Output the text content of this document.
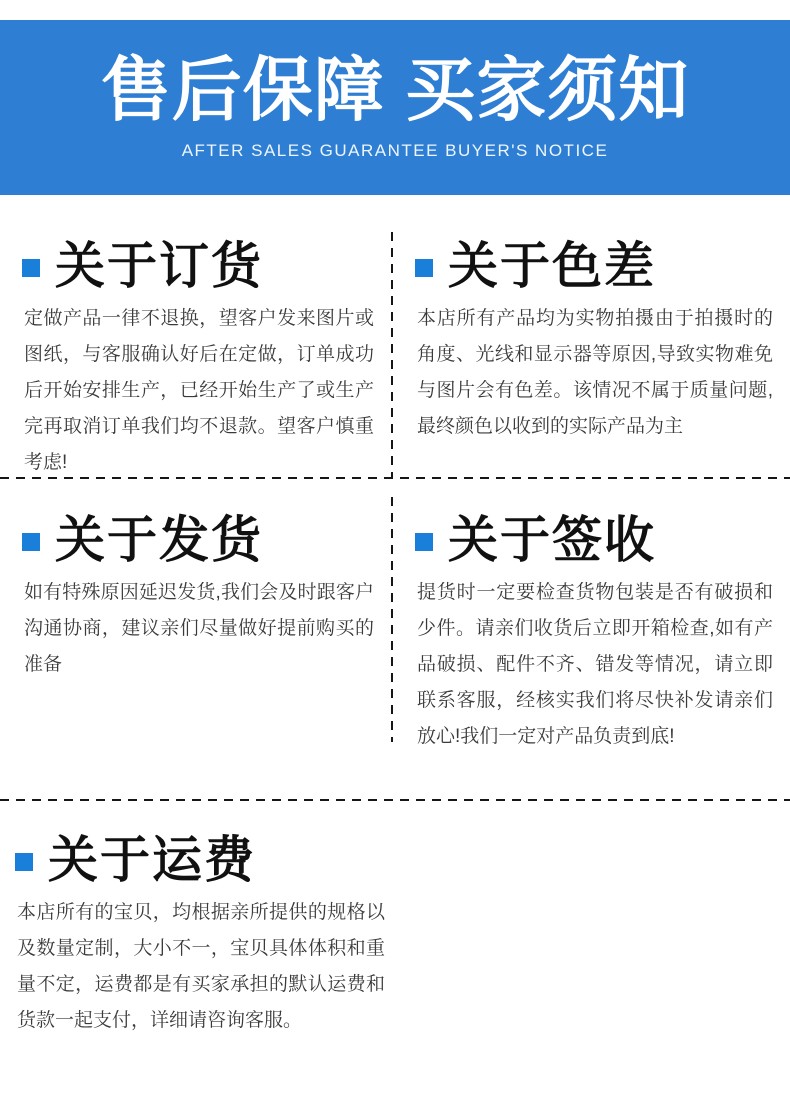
售后保障 买家须知
AFTER SALES GUARANTEE BUYER'S NOTICE
关于订货

定做产品一律不退换，望客户发来图片或图纸，与客服确认好后在定做，订单成功后开始安排生产，已经开始生产了或生产完再取消订单我们均不退款。望客户慎重考虑!

关于色差

本店所有产品均为实物拍摄由于拍摄时的角度、光线和显示器等原因,导致实物难免与图片会有色差。该情况不属于质量问题,最终颜色以收到的实际产品为主

关于发货

如有特殊原因延迟发货,我们会及时跟客户沟通协商，建议亲们尽量做好提前购买的准备

关于签收

提货时一定要检查货物包装是否有破损和少件。请亲们收货后立即开箱检查,如有产品破损、配件不齐、错发等情况，请立即联系客服，经核实我们将尽快补发请亲们放心!我们一定对产品负责到底!

关于运费

本店所有的宝贝，均根据亲所提供的规格以及数量定制，大小不一，宝贝具体体积和重量不定，运费都是有买家承担的默认运费和货款一起支付，详细请咨询客服。
